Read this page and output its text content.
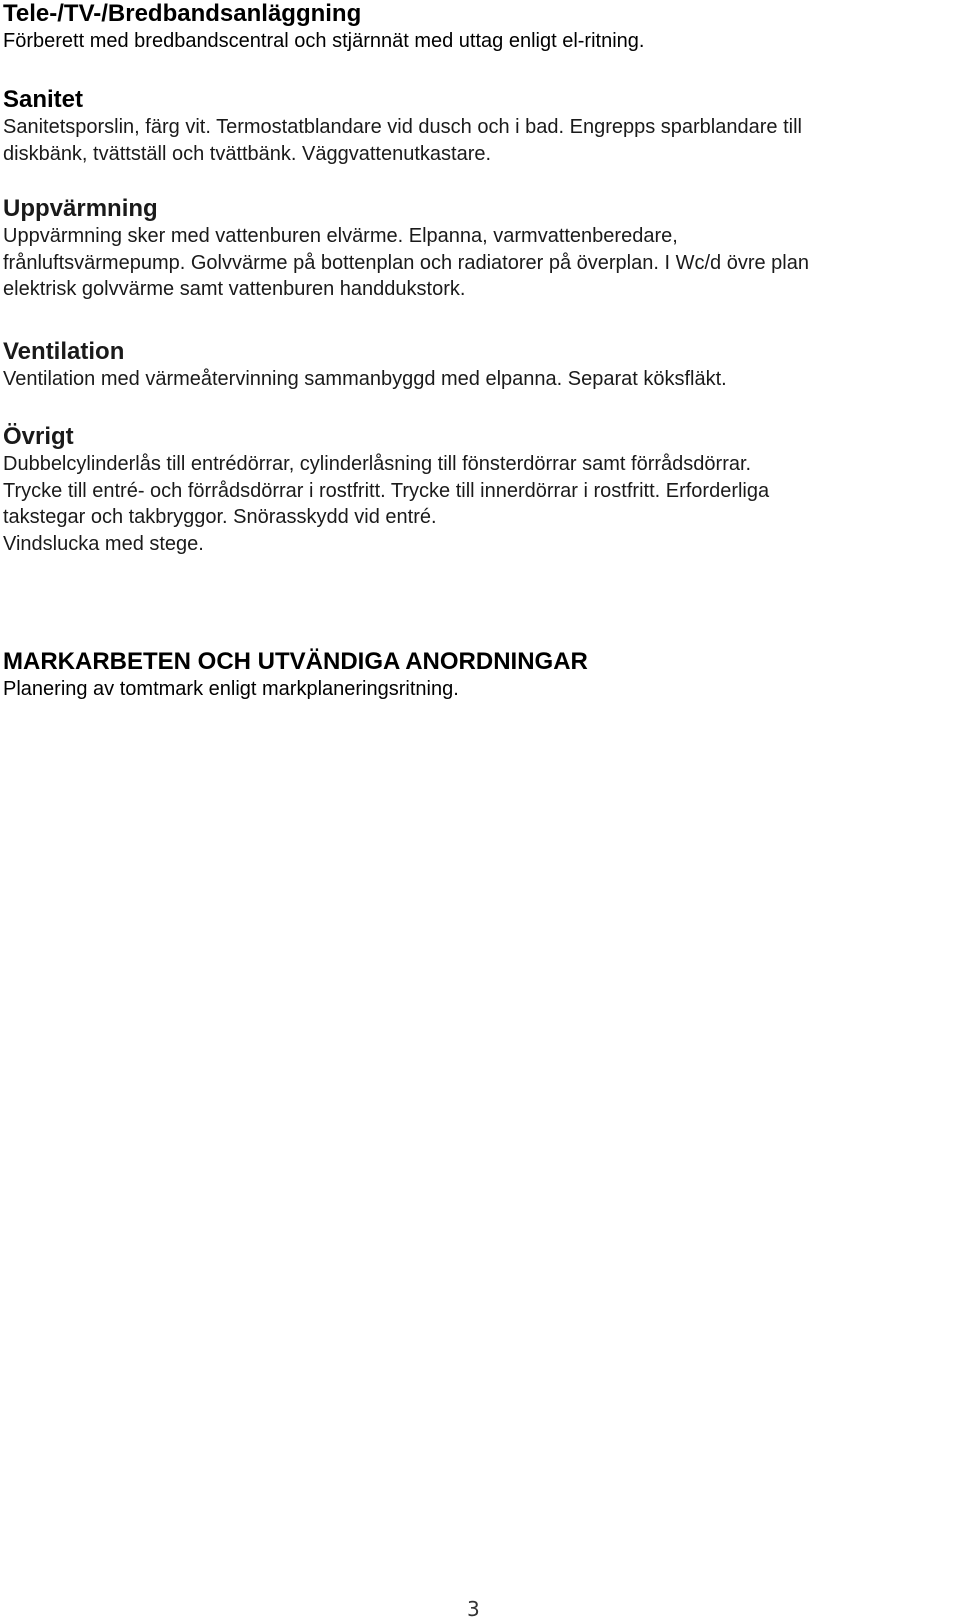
Tele-/TV-/Bredbandsanläggning

Förberett med bredbandscentral och stjärnnät med uttag enligt el-ritning.

Sanitet

Sanitetsporslin, färg vit. Termostatblandare vid dusch och i bad. Engrepps sparblandare till
diskbänk, tvättställ och tvättbänk. Väggvattenutkastare.

Uppvärmning

Uppvärmning sker med vattenburen elvärme. Elpanna, varmvattenberedare,
frånluftsvärmepump. Golvvärme på bottenplan och radiatorer på överplan. I Wc/d övre plan
elektrisk golvvärme samt vattenburen handdukstork.

Ventilation

Ventilation med värmeåtervinning sammanbyggd med elpanna. Separat köksfläkt.

Övrigt

Dubbelcylinderlås till entrédörrar, cylinderlåsning till fönsterdörrar samt förrådsdörrar.
Trycke till entré- och förrådsdörrar i rostfritt. Trycke till innerdörrar i rostfritt. Erforderliga
takstegar och takbryggor. Snörasskydd vid entré.
Vindslucka med stege.

MARKARBETEN OCH UTVÄNDIGA ANORDNINGAR

Planering av tomtmark enligt markplaneringsritning.

3
